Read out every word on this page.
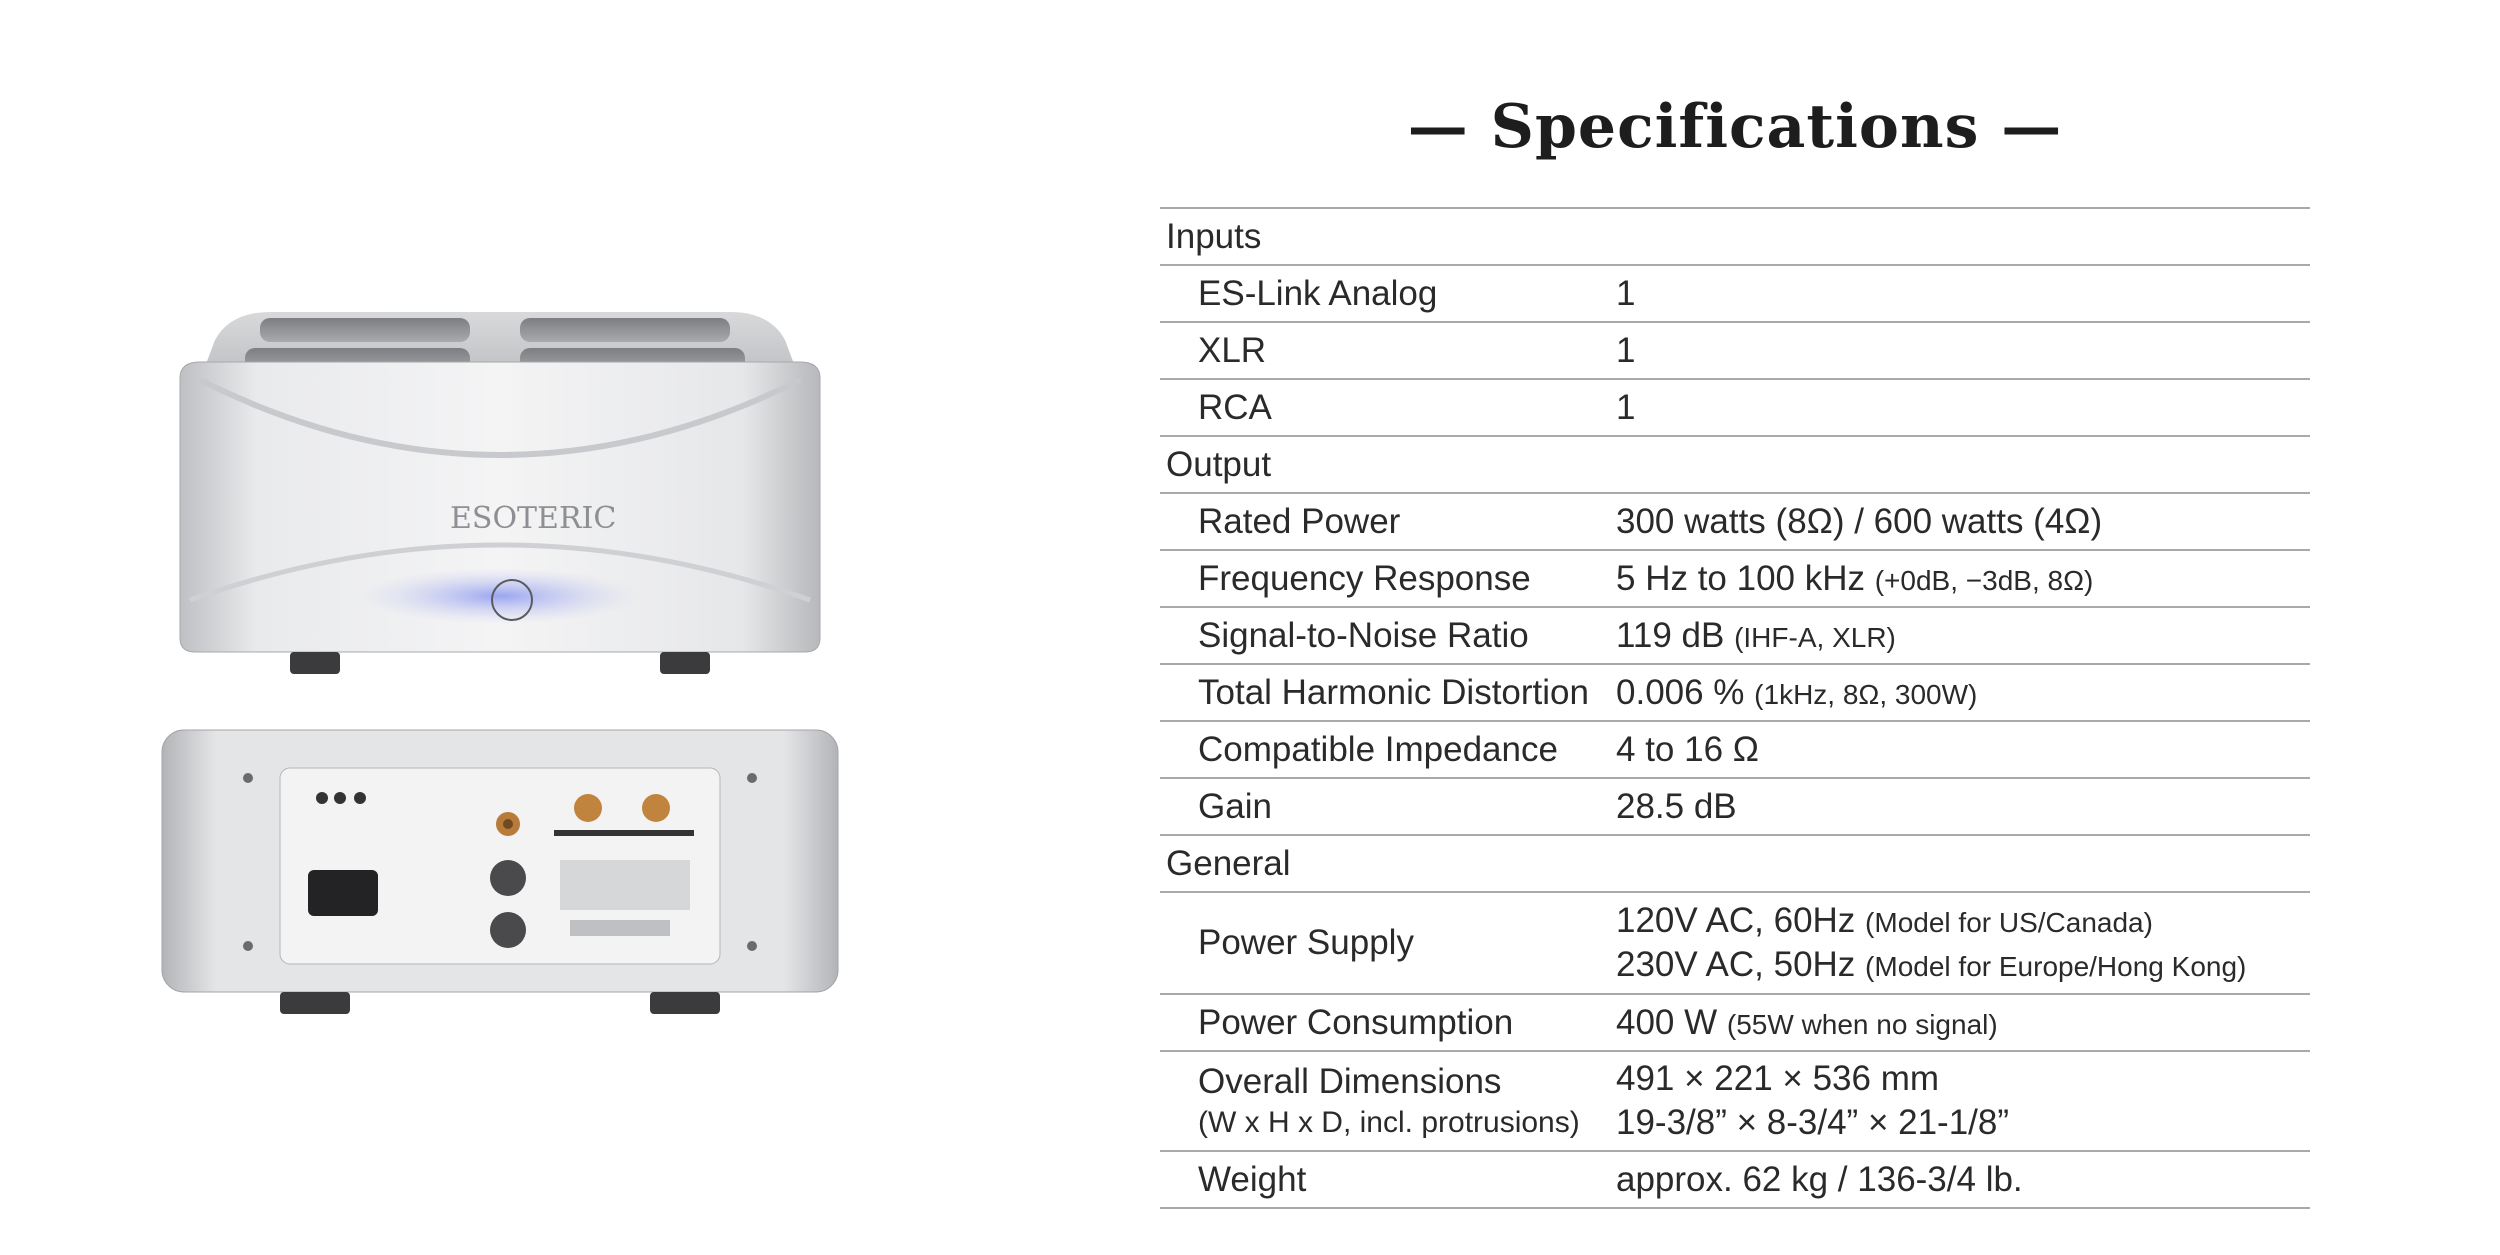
ESOTERIC
— Specifications —
Inputs	
ES-Link Analog	1
XLR	1
RCA	1
Output	
Rated Power	300 watts (8Ω) / 600 watts (4Ω)
Frequency Response	5 Hz to 100 kHz (+0dB, −3dB, 8Ω)
Signal-to-Noise Ratio	119 dB (IHF-A, XLR)
Total Harmonic Distortion	0.006 % (1kHz, 8Ω, 300W)
Compatible Impedance	4 to 16 Ω
Gain	28.5 dB
General	
Power Supply	120V AC, 60Hz (Model for US/Canada)
230V AC, 50Hz (Model for Europe/Hong Kong)

Power Consumption	400 W (55W when no signal)
Overall Dimensions
(W x H x D, incl. protrusions)	491 × 221 × 536 mm
19-3/8” × 8-3/4” × 21-1/8”

Weight	approx. 62 kg / 136-3/4 lb.
